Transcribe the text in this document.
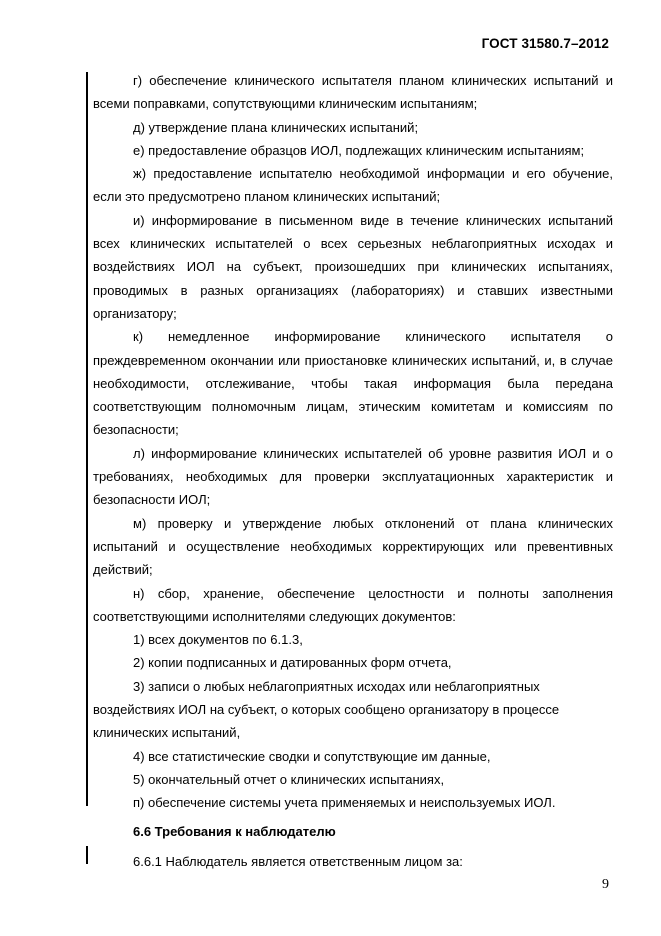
ГОСТ 31580.7–2012

г) обеспечение клинического испытателя планом клинических испытаний и всеми поправками, сопутствующими клиническим испытаниям;

д) утверждение плана клинических испытаний;

е) предоставление образцов ИОЛ, подлежащих клиническим испытаниям;

ж) предоставление испытателю необходимой информации и его обучение, если это предусмотрено планом клинических испытаний;

и) информирование в письменном виде в течение клинических испытаний всех клинических испытателей о всех серьезных неблагоприятных исходах и воздействиях ИОЛ на субъект, произошедших при клинических испытаниях, проводимых в разных организациях (лабораториях) и ставших известными организатору;

к) немедленное информирование клинического испытателя о преждевременном окончании или приостановке клинических испытаний, и, в случае необходимости, отслеживание, чтобы такая информация была передана соответствующим полномочным лицам, этическим комитетам и комиссиям по безопасности;

л) информирование клинических испытателей об уровне развития ИОЛ и о требованиях, необходимых для проверки эксплуатационных характеристик и безопасности ИОЛ;

м) проверку и утверждение любых отклонений от плана клинических испытаний и осуществление необходимых корректирующих или превентивных действий;

н) сбор, хранение, обеспечение целостности и полноты заполнения соответствующими исполнителями следующих документов:

1) всех документов по 6.1.3,

2) копии подписанных и датированных форм отчета,

3) записи о любых неблагоприятных исходах или неблагоприятных воздействиях ИОЛ на субъект, о которых сообщено организатору в процессе клинических испытаний,

4) все статистические сводки и сопутствующие им данные,

5) окончательный отчет о клинических испытаниях,

п) обеспечение системы учета применяемых и неиспользуемых ИОЛ.

6.6 Требования к наблюдателю

6.6.1 Наблюдатель является ответственным лицом за:

9
